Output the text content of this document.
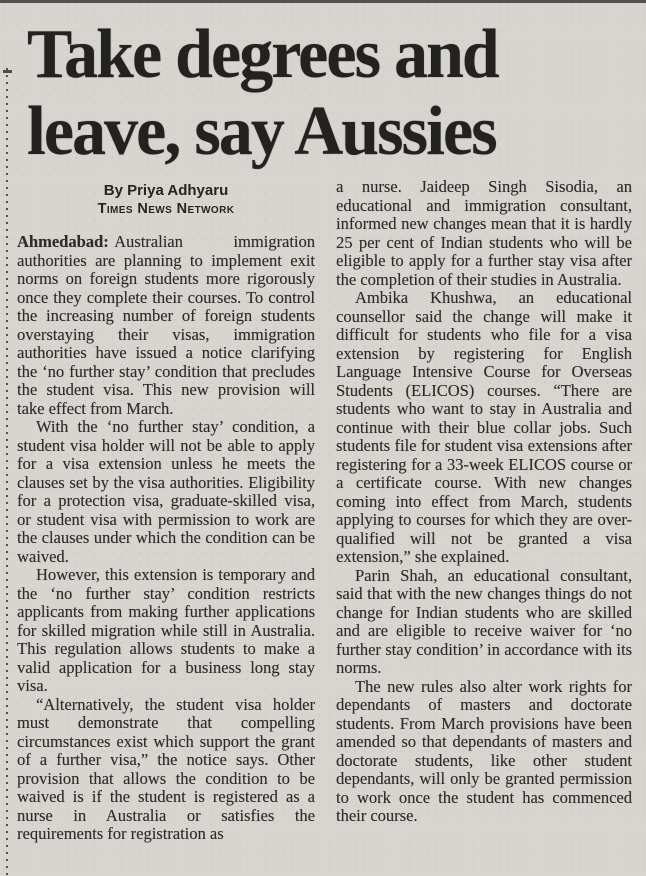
Take degrees and
leave, say Aussies
By Priya Adhyaru
Times News Network

Ahmedabad: Australian immigration authorities are planning to implement exit norms on foreign students more rigorously once they complete their courses. To control the increasing number of foreign students overstaying their visas, immigration authorities have issued a notice clarifying the ‘no further stay’ condition that precludes the student visa. This new provision will take effect from March.

With the ‘no further stay’ condition, a student visa holder will not be able to apply for a visa extension unless he meets the clauses set by the visa authorities. Eligibility for a protection visa, graduate-skilled visa, or student visa with permission to work are the clauses under which the condition can be waived.

However, this extension is temporary and the ‘no further stay’ condition restricts applicants from making further applications for skilled migration while still in Australia. This regulation allows students to make a valid application for a business long stay visa.

“Alternatively, the student visa holder must demonstrate that compelling circumstances exist which support the grant of a further visa,” the notice says. Other provision that allows the condition to be waived is if the student is registered as a nurse in Australia or satisfies the requirements for registration as

a nurse. Jaideep Singh Sisodia, an educational and immigration consultant, informed new changes mean that it is hardly 25 per cent of Indian students who will be eligible to apply for a further stay visa after the completion of their studies in Australia.

Ambika Khushwa, an educational counsellor said the change will make it difficult for students who file for a visa extension by registering for English Language Intensive Course for Overseas Students (ELICOS) courses. “There are students who want to stay in Australia and continue with their blue collar jobs. Such students file for student visa extensions after registering for a 33-week ELICOS course or a certificate course. With new changes coming into effect from March, students applying to courses for which they are over-qualified will not be granted a visa extension,” she explained.

Parin Shah, an educational consultant, said that with the new changes things do not change for Indian students who are skilled and are eligible to receive waiver for ‘no further stay condition’ in accordance with its norms.

The new rules also alter work rights for dependants of masters and doctorate students. From March provisions have been amended so that dependants of masters and doctorate students, like other student dependants, will only be granted permission to work once the student has commenced their course.
